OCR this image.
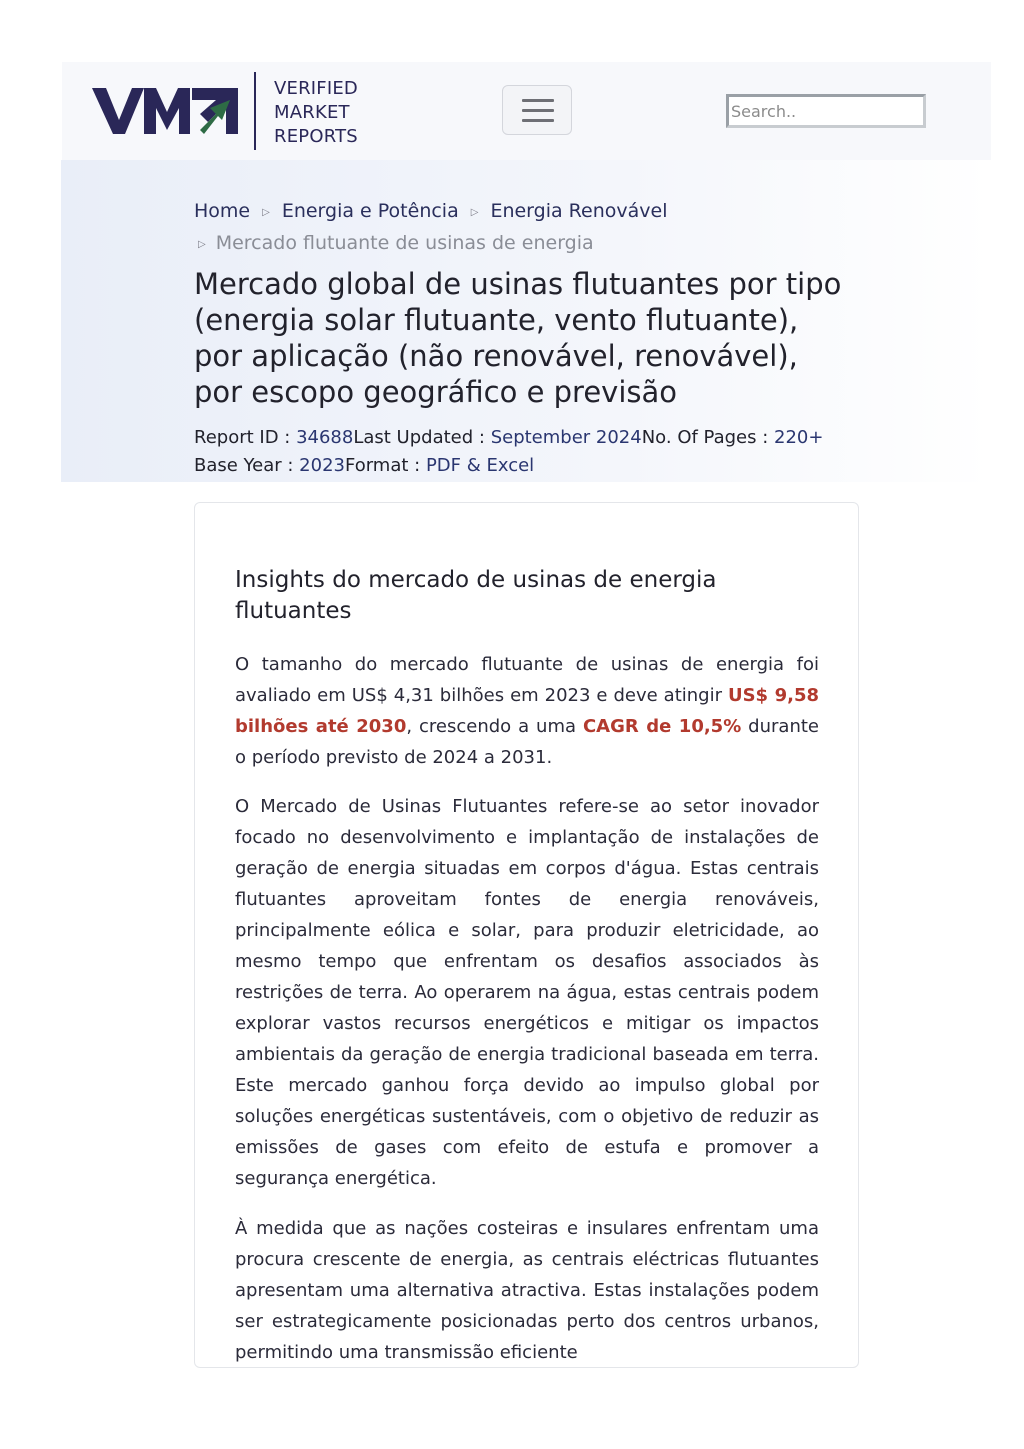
VERIFIED
MARKET
REPORTS
Search..
Home ▷ Energia e Potência ▷ Energia Renovável
▷ Mercado flutuante de usinas de energia
Mercado global de usinas flutuantes por tipo (energia solar flutuante, vento flutuante), por aplicação (não renovável, renovável), por escopo geográfico e previsão
Report ID : 34688Last Updated : September 2024No. Of Pages : 220+
Base Year : 2023Format : PDF & Excel
Insights do mercado de usinas de energia flutuantes

O tamanho do mercado flutuante de usinas de energia foi avaliado em US$ 4,31 bilhões em 2023 e deve atingir US$ 9,58 bilhões até 2030, crescendo a uma CAGR de 10,5% durante o período previsto de 2024 a 2031.

O Mercado de Usinas Flutuantes refere-se ao setor inovador focado no desenvolvimento e implantação de instalações de geração de energia situadas em corpos d'água. Estas centrais flutuantes aproveitam fontes de energia renováveis, principalmente eólica e solar, para produzir eletricidade, ao mesmo tempo que enfrentam os desafios associados às restrições de terra. Ao operarem na água, estas centrais podem explorar vastos recursos energéticos e mitigar os impactos ambientais da geração de energia tradicional baseada em terra. Este mercado ganhou força devido ao impulso global por soluções energéticas sustentáveis, com o objetivo de reduzir as emissões de gases com efeito de estufa e promover a segurança energética.

À medida que as nações costeiras e insulares enfrentam uma procura crescente de energia, as centrais eléctricas flutuantes apresentam uma alternativa atractiva. Estas instalações podem ser estrategicamente posicionadas perto dos centros urbanos, permitindo uma transmissão eficiente
